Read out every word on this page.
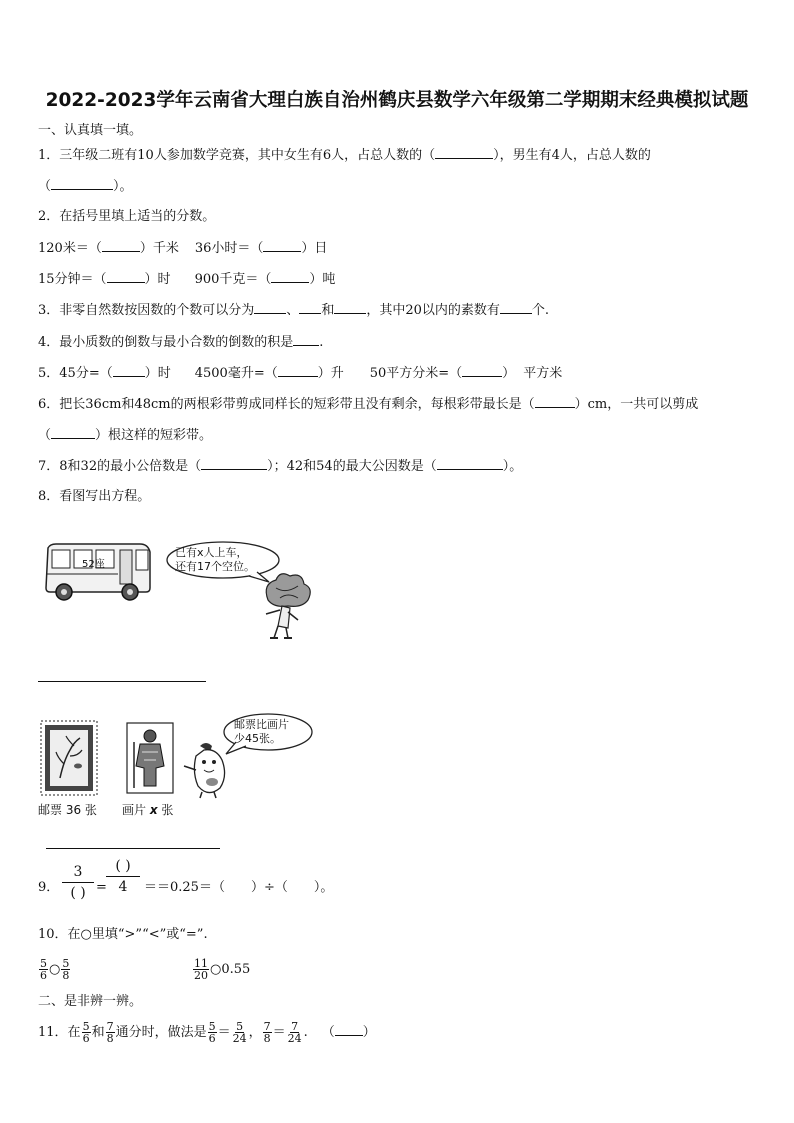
2022-2023学年云南省大理白族自治州鹤庆县数学六年级第二学期期末经典模拟试题
一、认真填一填。
1．三年级二班有10人参加数学竞赛，其中女生有6人，占总人数的（	），男生有4人，占总人数的
（	）。
2．在括号里填上适当的分数。
120米＝（	）千米 36小时＝（	）日
15分钟＝（	）时 900千克＝（	）吨
3．非零自然数按因数的个数可以分为 、 和 ，其中20以内的素数有 个.
4．最小质数的倒数与最小合数的倒数的积是 .
5．45分=（ ）时 4500毫升=（	）升 50平方分米=（	） 平方米
6．把长36cm和48cm的两根彩带剪成同样长的短彩带且没有剩余，每根彩带最长是（	）cm，一共可以剪成
（	）根这样的短彩带。
7．8和32的最小公倍数是（	）；42和54的最大公因数是（	）。
8．看图写出方程。
52座
已有x人上车，
还有17个空位。
邮票 36 张 画片 x 张
邮票比画片
少45张。
9．
3
( ) =
( )
4	＝＝0.25＝（　　）÷（　　）。
10．在○里填“>”“<”或“=”.
$\frac{5}{6}$ ○ $\frac{5}{8}$	$\frac{11}{20}$ ○0.55
二、是非辨一辨。
11．在 $\frac{5}{6}$ 和 $\frac{7}{8}$ 通分时，做法是 $\frac{5}{6} = \frac{5}{24}$ ， $\frac{7}{8} = \frac{7}{24}$ . （ ）
